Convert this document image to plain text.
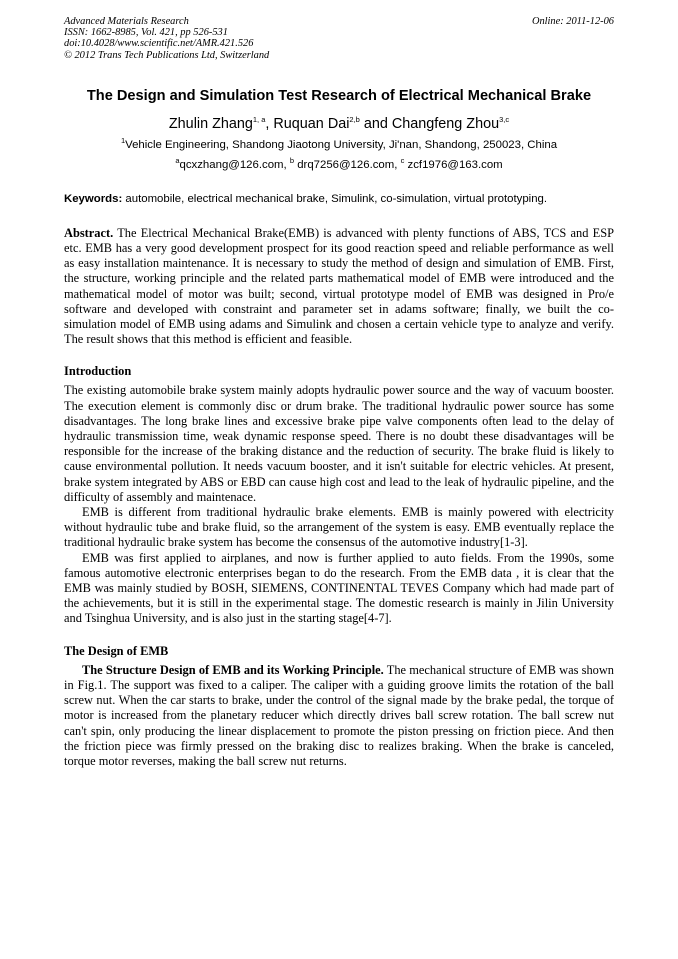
Advanced Materials Research
ISSN: 1662-8985, Vol. 421, pp 526-531
doi:10.4028/www.scientific.net/AMR.421.526
© 2012 Trans Tech Publications Ltd, Switzerland
Online: 2011-12-06
The Design and Simulation Test Research of Electrical Mechanical Brake
Zhulin Zhang$^{1, a}$, Ruquan Dai$^{2,b}$ and Changfeng Zhou$^{3,c}$
$^1$Vehicle Engineering, Shandong Jiaotong University, Ji'nan, Shandong, 250023, China
$^a$qcxzhang@126.com, $^b$ drq7256@126.com, $^c$ zcf1976@163.com
Keywords: automobile, electrical mechanical brake, Simulink, co-simulation, virtual prototyping.

Abstract. The Electrical Mechanical Brake(EMB) is advanced with plenty functions of ABS, TCS and ESP etc. EMB has a very good development prospect for its good reaction speed and reliable performance as well as easy installation maintenance. It is necessary to study the method of design and simulation of EMB. First, the structure, working principle and the related parts mathematical model of EMB were introduced and the mathematical model of motor was built; second, virtual prototype model of EMB was designed in Pro/e software and developed with constraint and parameter set in adams software; finally, we built the co-simulation model of EMB using adams and Simulink and chosen a certain vehicle type to analyze and verify. The result shows that this method is efficient and feasible.

Introduction

The existing automobile brake system mainly adopts hydraulic power source and the way of vacuum booster. The execution element is commonly disc or drum brake. The traditional hydraulic power source has some disadvantages. The long brake lines and excessive brake pipe valve components often lead to the delay of hydraulic transmission time, weak dynamic response speed. There is no doubt these disadvantages will be responsible for the increase of the braking distance and the reduction of security. The brake fluid is likely to cause environmental pollution. It needs vacuum booster, and it isn't suitable for electric vehicles. At present, brake system integrated by ABS or EBD can cause high cost and lead to the leak of hydraulic pipeline, and the difficulty of assembly and maintenace.

EMB is different from traditional hydraulic brake elements. EMB is mainly powered with electricity without hydraulic tube and brake fluid, so the arrangement of the system is easy. EMB eventually replace the traditional hydraulic brake system has become the consensus of the automotive industry[1-3].

EMB was first applied to airplanes, and now is further applied to auto fields. From the 1990s, some famous automotive electronic enterprises began to do the research. From the EMB data , it is clear that the EMB was mainly studied by BOSH, SIEMENS, CONTINENTAL TEVES Company which had made part of the achievements, but it is still in the experimental stage. The domestic research is mainly in Jilin University and Tsinghua University, and is also just in the starting stage[4-7].

The Design of EMB

The Structure Design of EMB and its Working Principle. The mechanical structure of EMB was shown in Fig.1. The support was fixed to a caliper. The caliper with a guiding groove limits the rotation of the ball screw nut. When the car starts to brake, under the control of the signal made by the brake pedal, the torque of motor is increased from the planetary reducer which directly drives ball screw rotation. The ball screw nut can't spin, only producing the linear displacement to promote the piston pressing on friction piece. And then the friction piece was firmly pressed on the braking disc to realizes braking. When the brake is canceled, torque motor reverses, making the ball screw nut returns.
